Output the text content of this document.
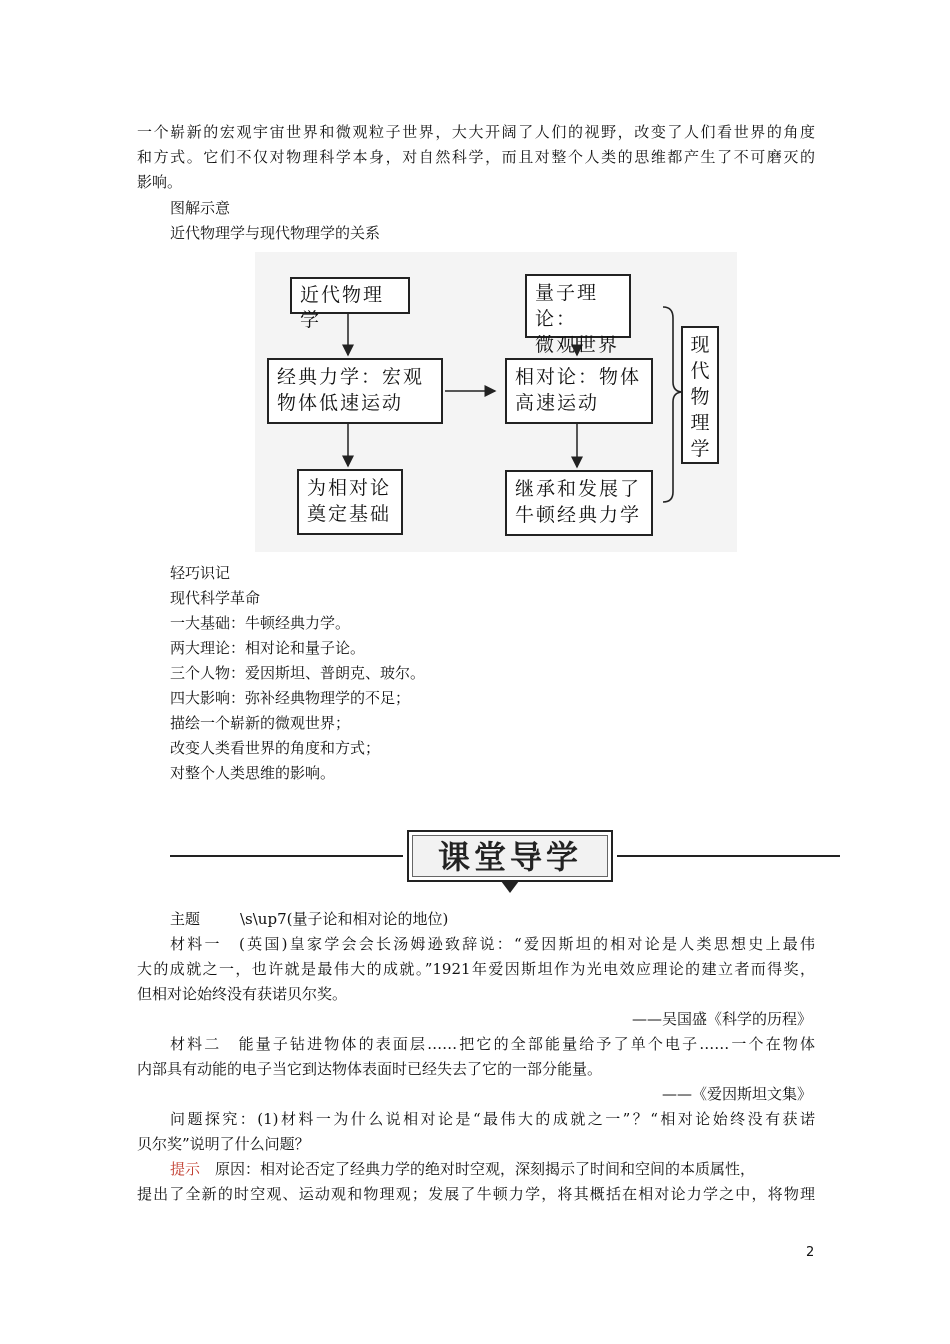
一个崭新的宏观宇宙世界和微观粒子世界，大大开阔了人们的视野，改变了人们看世界的角度
和方式。它们不仅对物理科学本身，对自然科学，而且对整个人类的思维都产生了不可磨灭的
影响。
图解示意
近代物理学与现代物理学的关系
近代物理学
经典力学：宏观
物体低速运动
为相对论
奠定基础
量子理论：
微观世界
相对论：物体
高速运动
继承和发展了
牛顿经典力学
现
代
物
理
学
轻巧识记
现代科学革命
一大基础：牛顿经典力学。
两大理论：相对论和量子论。
三个人物：爱因斯坦、普朗克、玻尔。
四大影响：弥补经典物理学的不足；
描绘一个崭新的微观世界；
改变人类看世界的角度和方式；
对整个人类思维的影响。
课堂导学
主题	\s\up7(量子论和相对论的地位)
材料一　(英国)皇家学会会长汤姆逊致辞说：“爱因斯坦的相对论是人类思想史上最伟
大的成就之一，也许就是最伟大的成就。”1921年爱因斯坦作为光电效应理论的建立者而得奖，
但相对论始终没有获诺贝尔奖。
——吴国盛《科学的历程》
材料二　能量子钻进物体的表面层……把它的全部能量给予了单个电子……一个在物体
内部具有动能的电子当它到达物体表面时已经失去了它的一部分能量。
——《爱因斯坦文集》
问题探究：(1)材料一为什么说相对论是“最伟大的成就之一”？“相对论始终没有获诺
贝尔奖”说明了什么问题？
提示　原因：相对论否定了经典力学的绝对时空观，深刻揭示了时间和空间的本质属性，
提出了全新的时空观、运动观和物理观；发展了牛顿力学，将其概括在相对论力学之中，将物理
2
